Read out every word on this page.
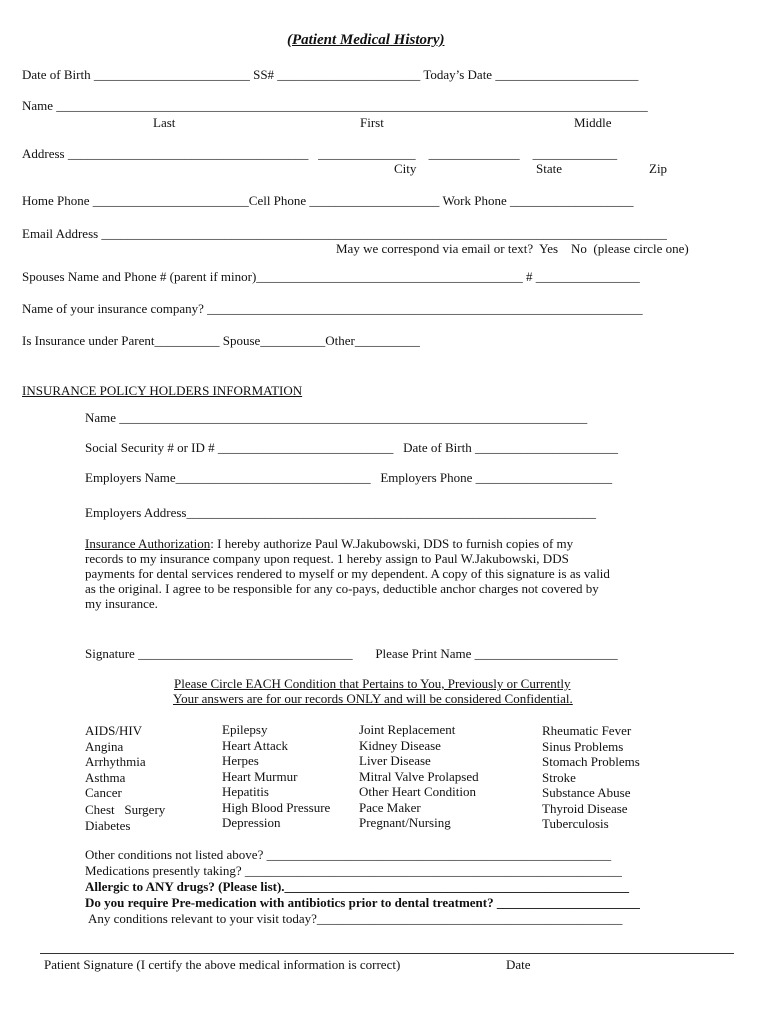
(Patient Medical History)
Date of Birth ________________________ SS# ______________________ Today’s Date ______________________
Name ___________________________________________________________________________________________
Last	First	Middle
Address _____________________________________   _______________    ______________    _____________
City	State	Zip
Home Phone ________________________Cell Phone ____________________ Work Phone ___________________
Email Address _______________________________________________________________________________________
May we correspond via email or text?  Yes    No  (please circle one)
Spouses Name and Phone # (parent if minor)_________________________________________ # ________________
Name of your insurance company? ___________________________________________________________________
Is Insurance under Parent__________ Spouse__________Other__________
INSURANCE POLICY HOLDERS INFORMATION
Name ________________________________________________________________________
Social Security # or ID # ___________________________   Date of Birth ______________________
Employers Name______________________________   Employers Phone _____________________
Employers Address_______________________________________________________________
Insurance Authorization: I hereby authorize Paul W.Jakubowski, DDS to furnish copies of my
records to my insurance company upon request. 1 hereby assign to Paul W.Jakubowski, DDS
payments for dental services rendered to myself or my dependent. A copy of this signature is as valid
as the original. I agree to be responsible for any co-pays, deductible anchor charges not covered by
my insurance.
Signature _________________________________       Please Print Name ______________________
Please Circle EACH Condition that Pertains to You, Previously or Currently
Your answers are for our records ONLY and will be considered Confidential.
AIDS/HIV
Angina
Arrhythmia
Asthma
Cancer
Chest   Surgery
Diabetes
Epilepsy
Heart Attack
Herpes
Heart Murmur
Hepatitis
High Blood Pressure
Depression
Joint Replacement
Kidney Disease
Liver Disease
Mitral Valve Prolapsed
Other Heart Condition
Pace Maker
Pregnant/Nursing
Rheumatic Fever
Sinus Problems
Stomach Problems
Stroke
Substance Abuse
Thyroid Disease
Tuberculosis
Other conditions not listed above? _____________________________________________________
Medications presently taking? __________________________________________________________
Allergic to ANY drugs? (Please list)._____________________________________________________
Do you require Pre-medication with antibiotics prior to dental treatment? ______________________
Any conditions relevant to your visit today?_______________________________________________
Patient Signature (I certify the above medical information is correct)	Date
